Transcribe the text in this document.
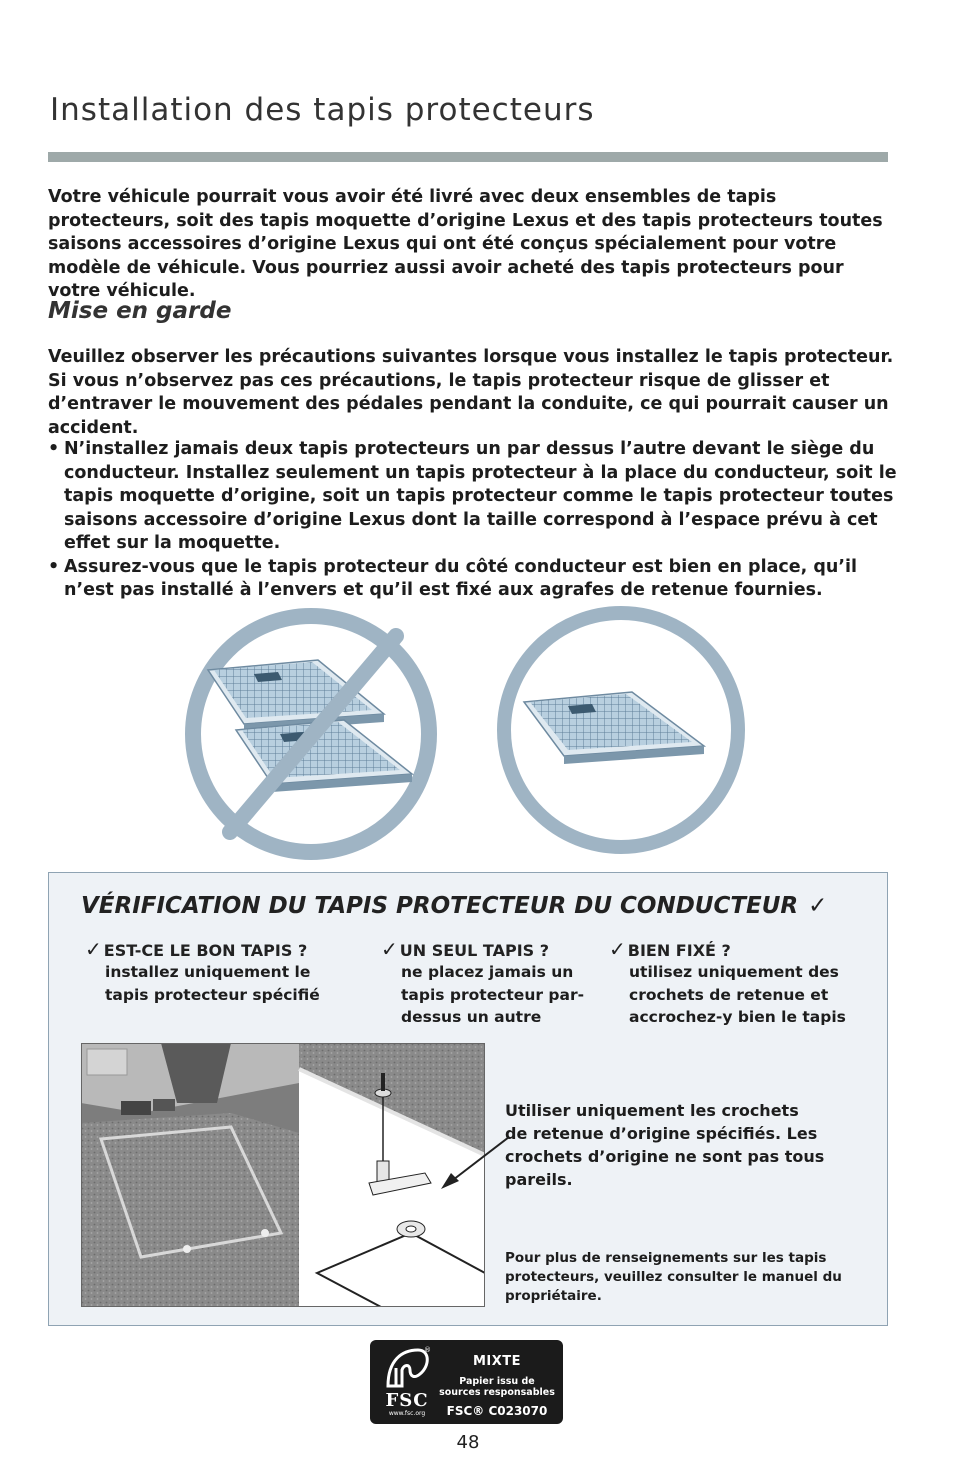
Installation des tapis protecteurs

Votre véhicule pourrait vous avoir été livré avec deux ensembles de tapis protecteurs, soit des tapis moquette d’origine Lexus et des tapis protecteurs toutes saisons accessoires d’origine Lexus qui ont été conçus spécialement pour votre modèle de véhicule. Vous pourriez aussi avoir acheté des tapis protecteurs pour votre véhicule.

Mise en garde

Veuillez observer les précautions suivantes lorsque vous installez le tapis protecteur. Si vous n’observez pas ces précautions, le tapis protecteur risque de glisser et d’entraver le mouvement des pédales pendant la conduite, ce qui pourrait causer un accident.

• N’installez jamais deux tapis protecteurs un par dessus l’autre devant le siège du conducteur. Installez seulement un tapis protecteur à la place du conducteur, soit le tapis moquette d’origine, soit un tapis protecteur comme le tapis protecteur toutes saisons accessoire d’origine Lexus dont la taille correspond à l’espace prévu à cet effet sur la moquette.
• Assurez-vous que le tapis protecteur du côté conducteur est bien en place, qu’il n’est pas installé à l’envers et qu’il est fixé aux agrafes de retenue fournies.
VÉRIFICATION DU TAPIS PROTECTEUR DU CONDUCTEUR ✓
✓ EST-CE LE BON TAPIS ?
installez uniquement le tapis protecteur spécifié
✓ UN SEUL TAPIS ?
ne placez jamais un tapis protecteur par-dessus un autre
✓ BIEN FIXÉ ?
utilisez uniquement des crochets de retenue et accrochez-y bien le tapis

Utiliser uniquement les crochets de retenue d’origine spécifiés. Les crochets d’origine ne sont pas tous pareils.

Pour plus de renseignements sur les tapis protecteurs, veuillez consulter le manuel du propriétaire.

®
FSC
www.fsc.org
MIXTE
Papier issu de sources responsables
FSC® C023070
48
